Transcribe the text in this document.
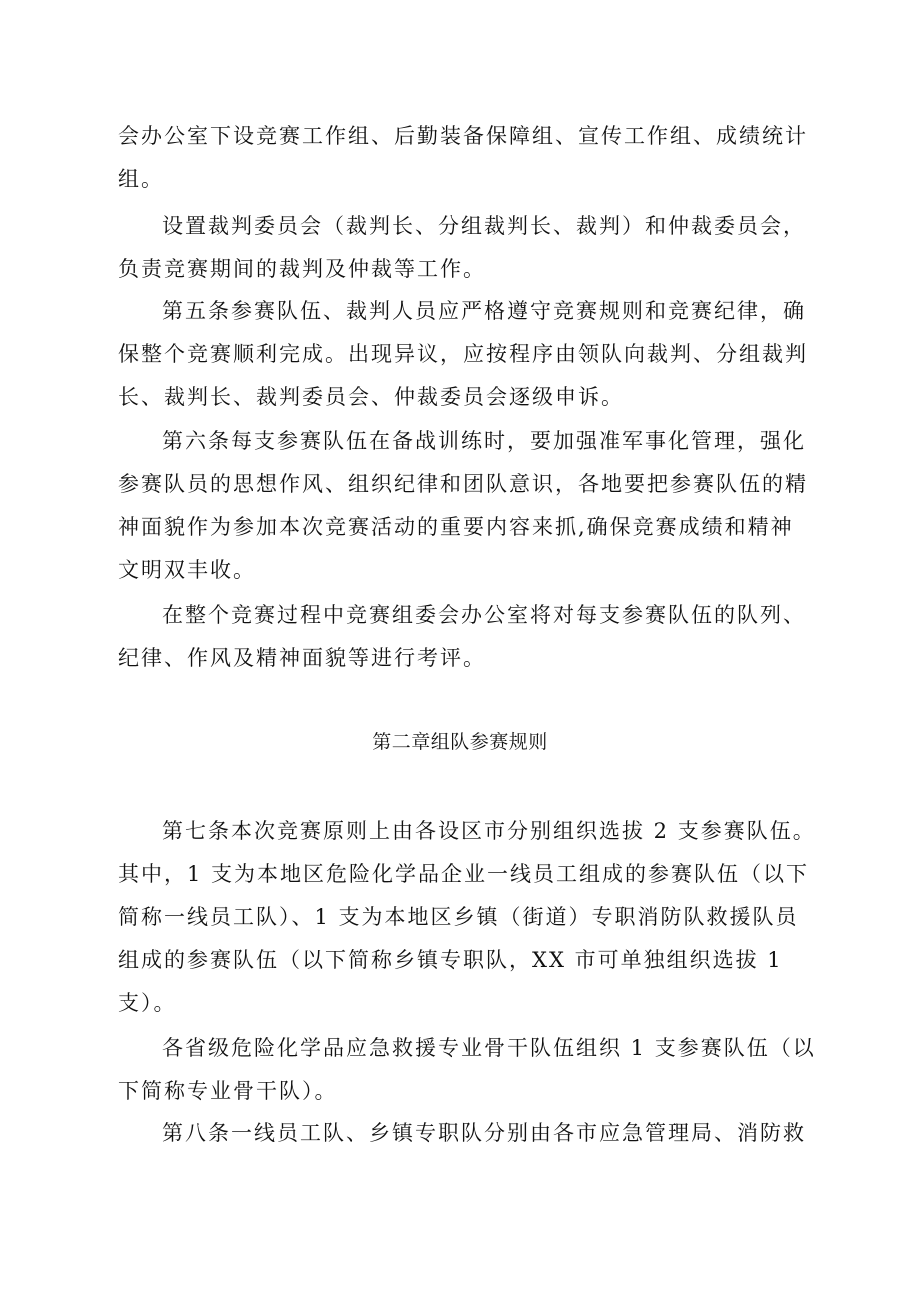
会办公室下设竞赛工作组、后勤装备保障组、宣传工作组、成绩统计
组。
设置裁判委员会（裁判长、分组裁判长、裁判）和仲裁委员会，
负责竞赛期间的裁判及仲裁等工作。
第五条参赛队伍、裁判人员应严格遵守竞赛规则和竞赛纪律，确
保整个竞赛顺利完成。出现异议，应按程序由领队向裁判、分组裁判
长、裁判长、裁判委员会、仲裁委员会逐级申诉。
第六条每支参赛队伍在备战训练时，要加强准军事化管理，强化
参赛队员的思想作风、组织纪律和团队意识，各地要把参赛队伍的精
神面貌作为参加本次竞赛活动的重要内容来抓,确保竞赛成绩和精神
文明双丰收。
在整个竞赛过程中竞赛组委会办公室将对每支参赛队伍的队列、
纪律、作风及精神面貌等进行考评。
第二章组队参赛规则
第七条本次竞赛原则上由各设区市分别组织选拔 2 支参赛队伍。
其中，1 支为本地区危险化学品企业一线员工组成的参赛队伍（以下
简称一线员工队）、1 支为本地区乡镇（街道）专职消防队救援队员
组成的参赛队伍（以下简称乡镇专职队，XX 市可单独组织选拔 1
支）。
各省级危险化学品应急救援专业骨干队伍组织 1 支参赛队伍（以
下简称专业骨干队）。
第八条一线员工队、乡镇专职队分别由各市应急管理局、消防救
